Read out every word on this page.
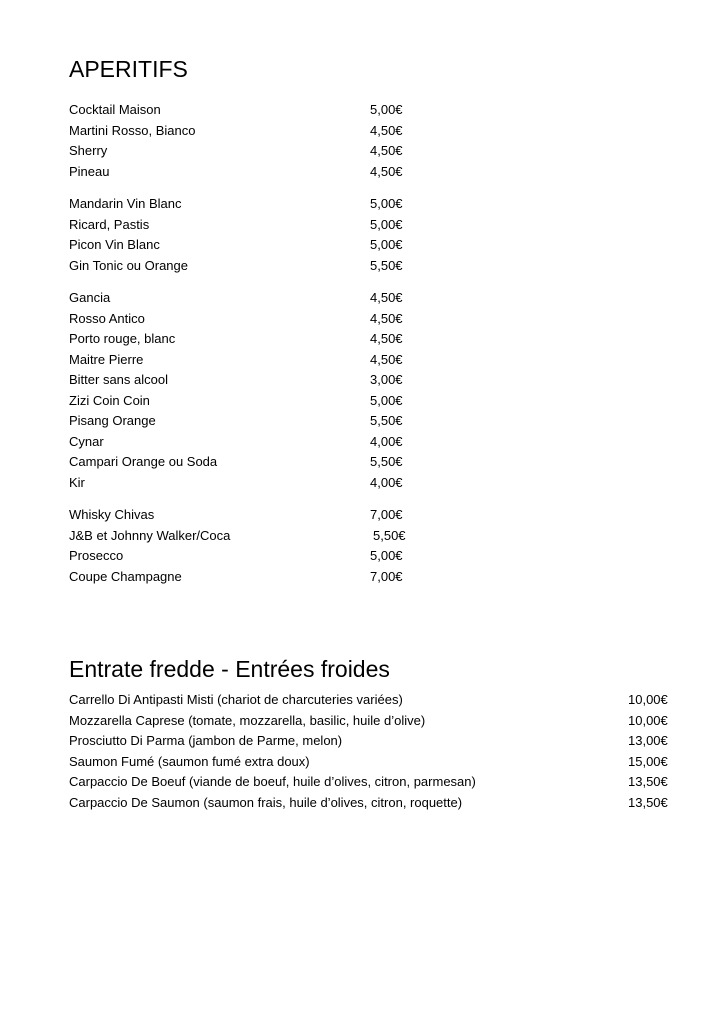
APERITIFS
Cocktail Maison	5,00€
Martini Rosso, Bianco	4,50€
Sherry	4,50€
Pineau	4,50€
Mandarin Vin Blanc	5,00€
Ricard, Pastis	5,00€
Picon Vin Blanc	5,00€
Gin Tonic ou Orange	5,50€
Gancia	4,50€
Rosso Antico	4,50€
Porto rouge, blanc	4,50€
Maitre Pierre	4,50€
Bitter sans alcool	3,00€
Zizi Coin Coin	5,00€
Pisang Orange	5,50€
Cynar	4,00€
Campari Orange ou Soda	5,50€
Kir	4,00€
Whisky Chivas	7,00€
J&B et Johnny Walker/Coca	5,50€
Prosecco	5,00€
Coupe Champagne	7,00€
Entrate fredde - Entrées froides
Carrello Di Antipasti Misti (chariot de charcuteries variées)	10,00€
Mozzarella Caprese (tomate, mozzarella, basilic, huile d’olive)	10,00€
Prosciutto Di Parma (jambon de Parme, melon)	13,00€
Saumon Fumé (saumon fumé extra doux)	15,00€
Carpaccio De Boeuf (viande de boeuf, huile d’olives, citron, parmesan)	13,50€
Carpaccio De Saumon (saumon frais, huile d’olives, citron, roquette)	13,50€
